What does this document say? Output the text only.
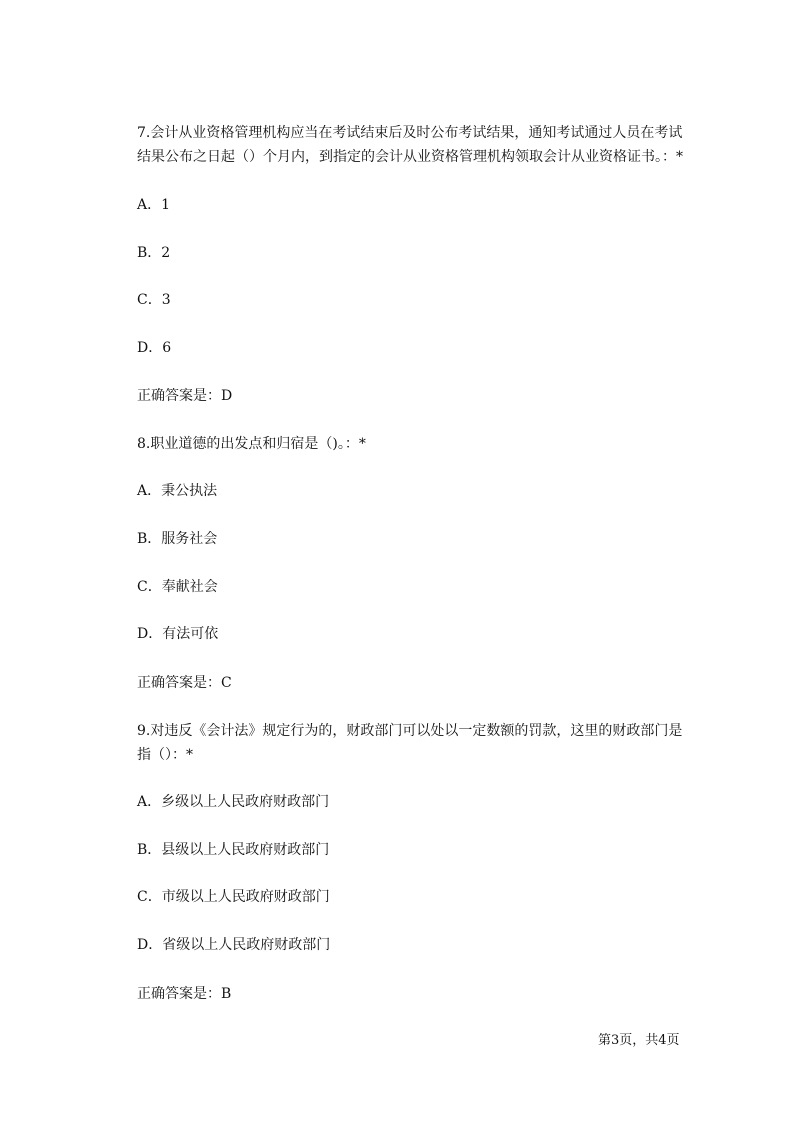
7.会计从业资格管理机构应当在考试结束后及时公布考试结果，通知考试通过人员在考试结果公布之日起（）个月内，到指定的会计从业资格管理机构领取会计从业资格证书。：*
A．1
B．2
C．3
D．6
正确答案是：D
8.职业道德的出发点和归宿是（)。：*
A．秉公执法
B．服务社会
C．奉献社会
D．有法可依
正确答案是：C
9.对违反《会计法》规定行为的，财政部门可以处以一定数额的罚款，这里的财政部门是指（）：*
A．乡级以上人民政府财政部门
B．县级以上人民政府财政部门
C．市级以上人民政府财政部门
D．省级以上人民政府财政部门
正确答案是：B
第3页，共4页
